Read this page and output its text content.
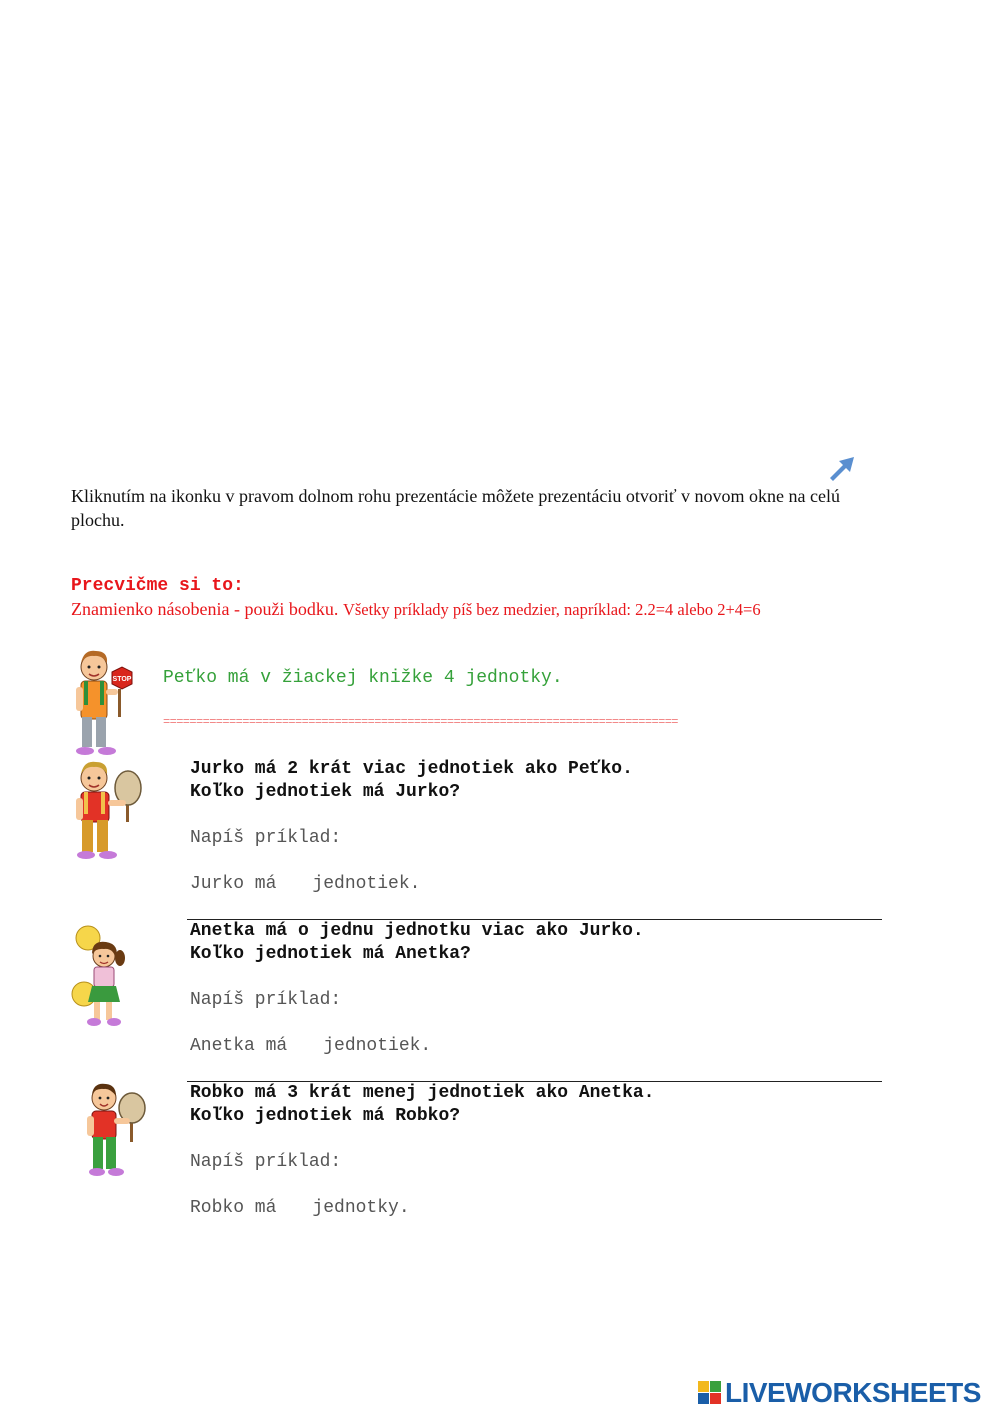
Kliknutím na ikonku v pravom dolnom rohu prezentácie môžete prezentáciu otvoriť v novom okne na celú plochu.
Precvičme si to:
Znamienko násobenia - použi bodku. Všetky príklady píš bez medzier, napríklad: 2.2=4 alebo 2+4=6
STOP Peťko má v žiackej knižke 4 jednotky.
==============================================================================
Jurko má 2 krát viac jednotiek ako Peťko.
Koľko jednotiek má Jurko?
Napíš príklad:
Jurko má jednotiek.
Anetka má o jednu jednotku viac ako Jurko.
Koľko jednotiek má Anetka?
Napíš príklad:
Anetka má jednotiek.
Robko má 3 krát menej jednotiek ako Anetka.
Koľko jednotiek má Robko?
Napíš príklad:
Robko má jednotky.
LIVEWORKSHEETS
